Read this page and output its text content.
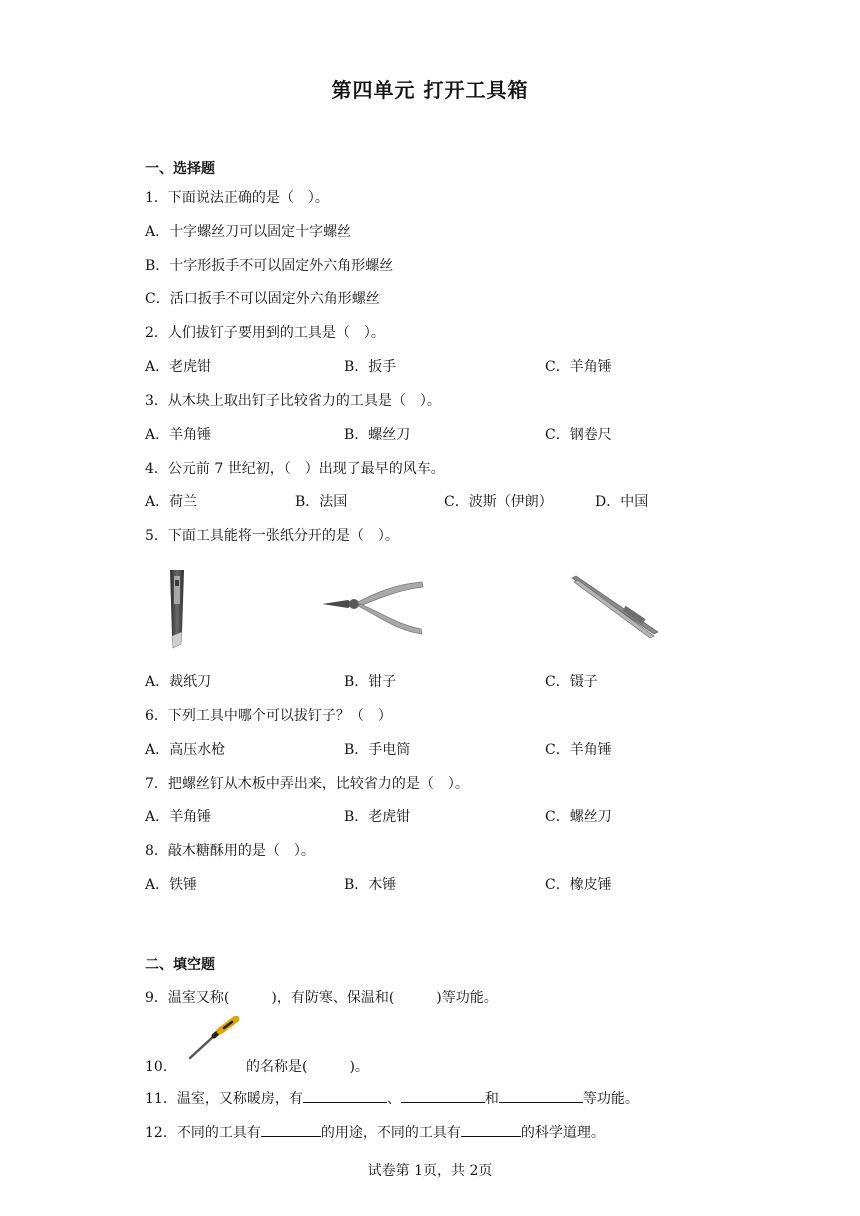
第四单元 打开工具箱
一、选择题
1．下面说法正确的是（　）。
A．十字螺丝刀可以固定十字螺丝
B．十字形扳手不可以固定外六角形螺丝
C．活口扳手不可以固定外六角形螺丝
2．人们拔钉子要用到的工具是（　）。
A．老虎钳	B．扳手	C．羊角锤
3．从木块上取出钉子比较省力的工具是（　）。
A．羊角锤	B．螺丝刀	C．钢卷尺
4．公元前 7 世纪初，（　）出现了最早的风车。
A．荷兰	B．法国	C．波斯（伊朗）	D．中国
5．下面工具能将一张纸分开的是（　）。
A．裁纸刀	B．钳子	C．镊子
6．下列工具中哪个可以拔钉子？（　）
A．高压水枪	B．手电筒	C．羊角锤
7．把螺丝钉从木板中弄出来，比较省力的是（　）。
A．羊角锤	B．老虎钳	C．螺丝刀
8．敲木糖酥用的是（　）。
A．铁锤	B．木锤	C．橡皮锤
二、填空题
9．温室又称(　　　)，有防寒、保温和(　　　)等功能。
10．	的名称是(　　　)。
11．温室，又称暖房，有	、	和	等功能。
12．不同的工具有	的用途，不同的工具有	的科学道理。
试卷第 1页，共 2页
